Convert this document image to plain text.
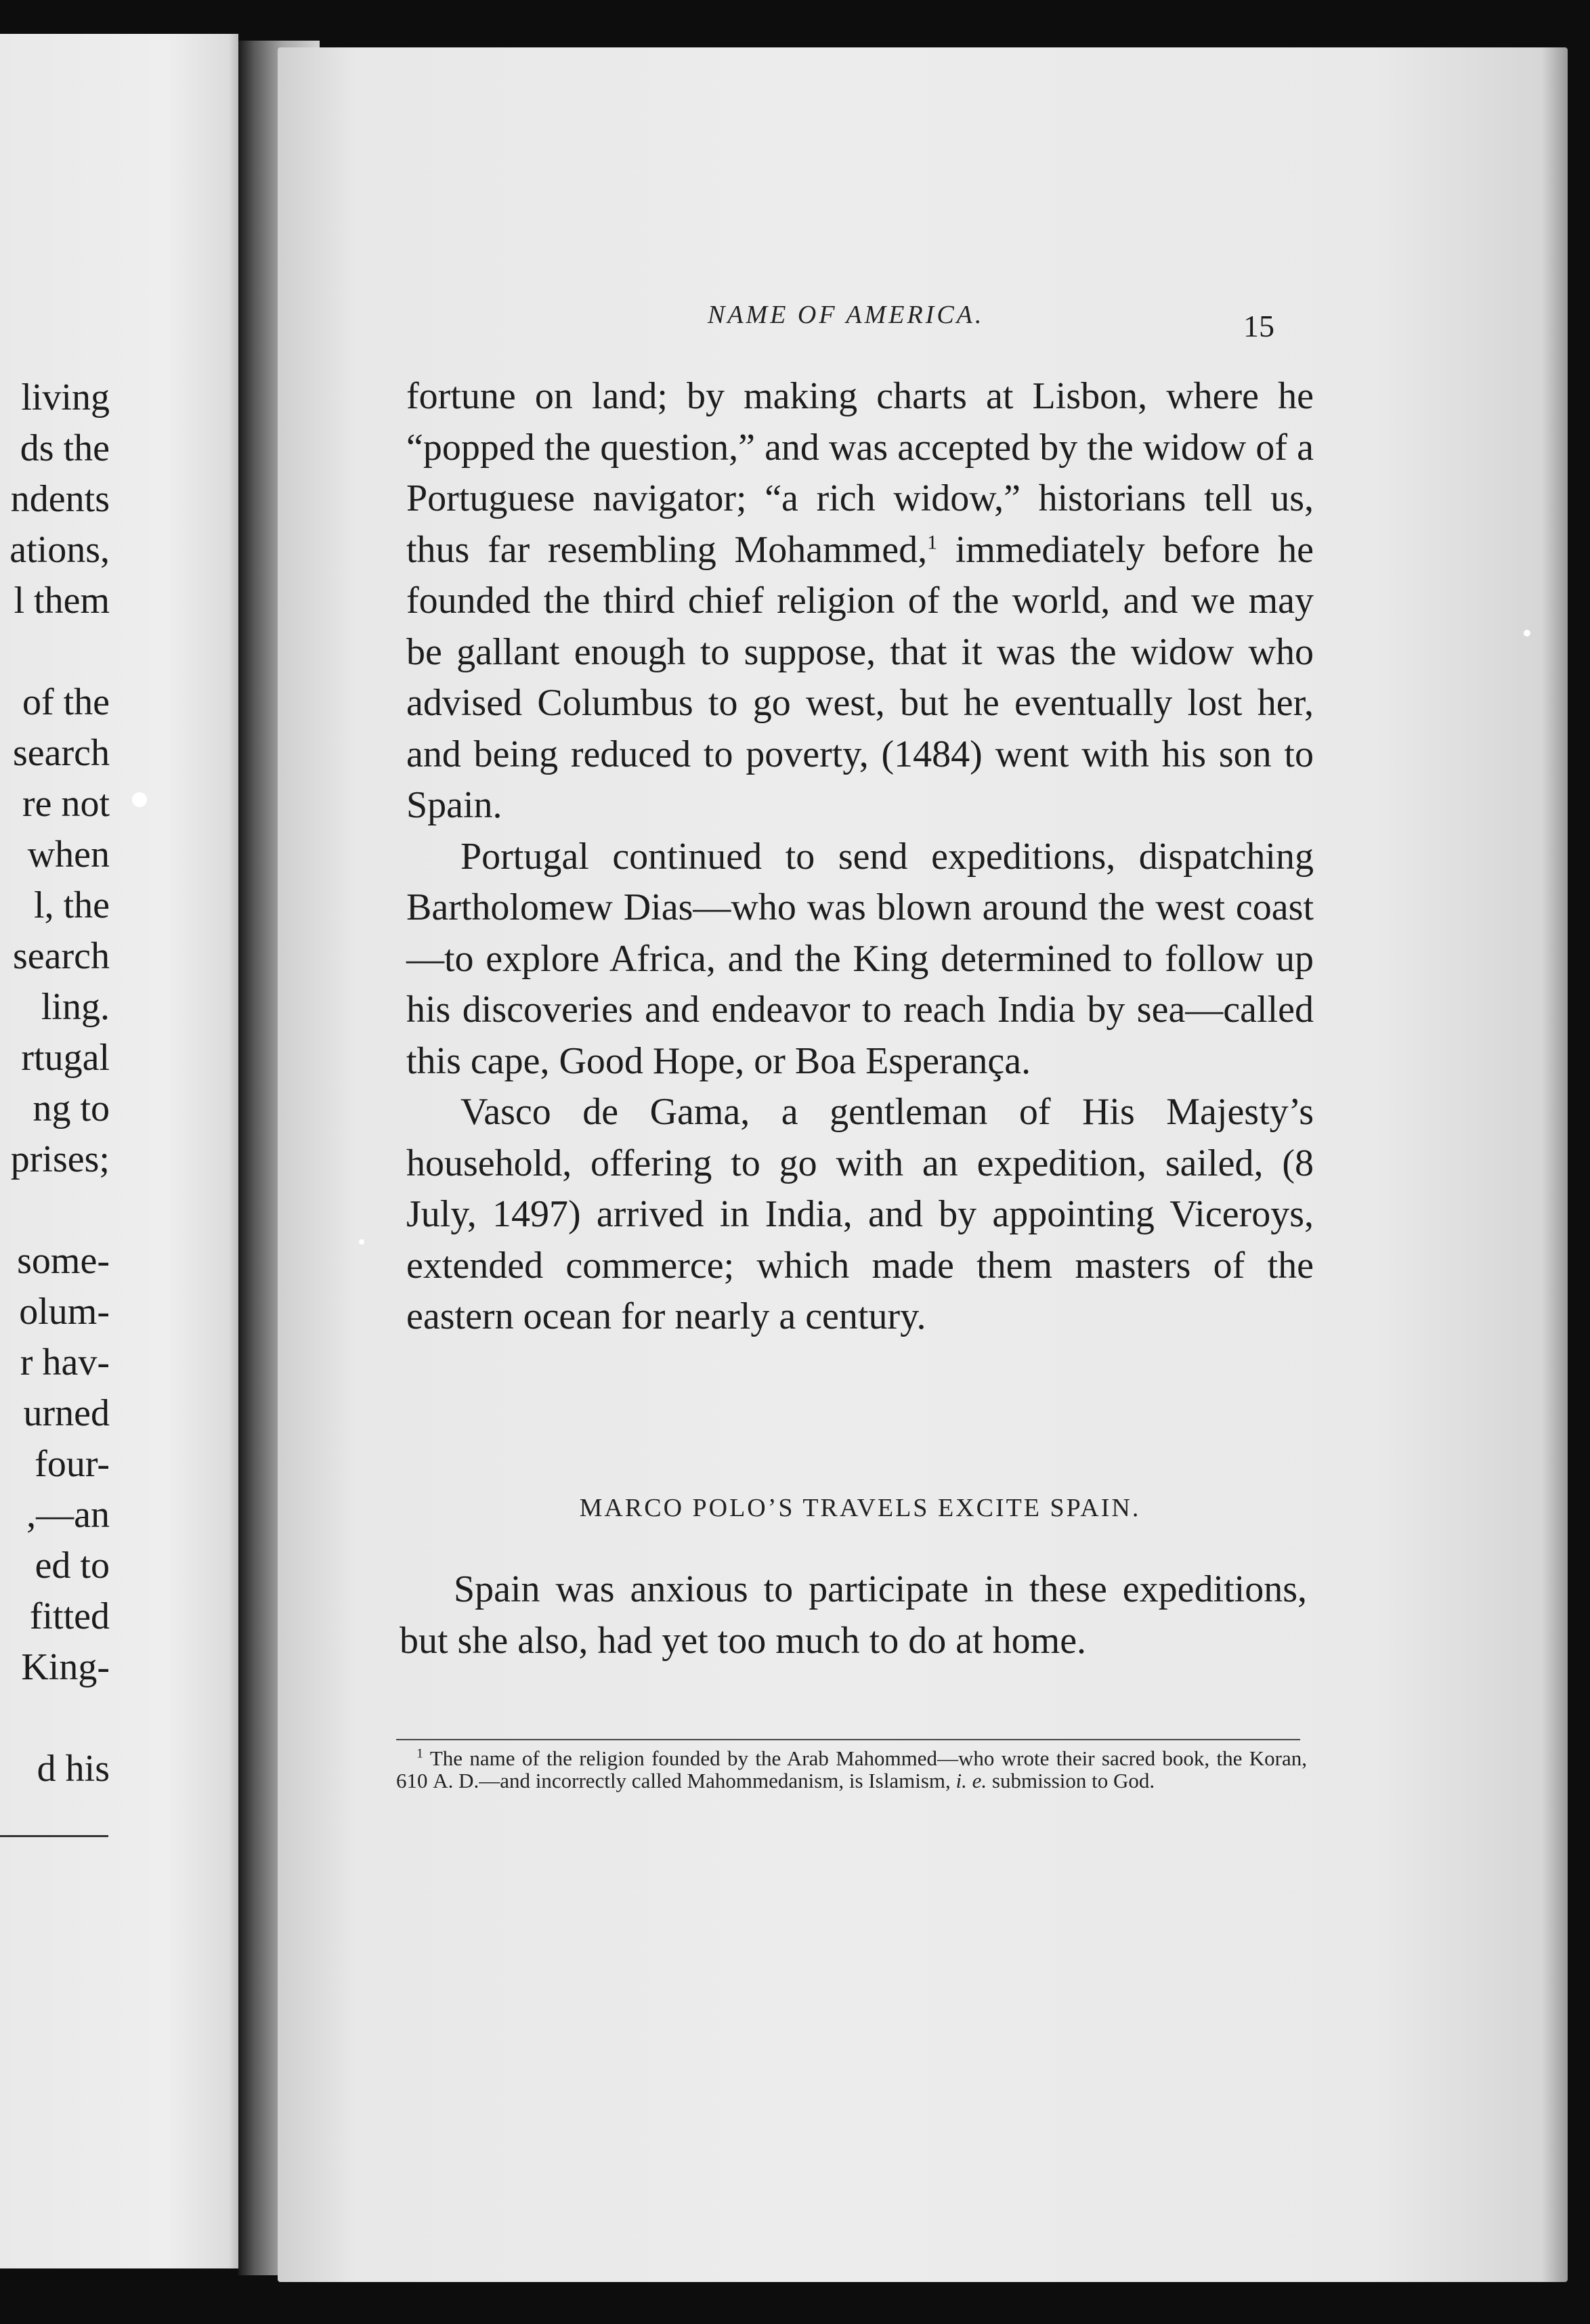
living
ds the
ndents
ations,
l them
of the
search
re not
when
l, the
search
ling.
rtugal
ng to
prises;
some-
olum-
r hav-
urned
four-
,—an
ed to
fitted
King-
d his
NAME OF AMERICA.	15

fortune on land; by making charts at Lisbon, where he “popped the question,” and was accepted by the widow of a Portuguese navigator; “a rich widow,” historians tell us, thus far resembling Mohammed,$^1$ immediately before he founded the third chief religion of the world, and we may be gallant enough to suppose, that it was the widow who advised Columbus to go west, but he eventually lost her, and being reduced to poverty, (1484) went with his son to Spain.

Portugal continued to send expeditions, dispatching Bartholomew Dias—who was blown around the west coast—to explore Africa, and the King determined to follow up his discoveries and endeavor to reach India by sea—called this cape, Good Hope, or Boa Esperança.

Vasco de Gama, a gentleman of His Majesty’s household, offering to go with an expedition, sailed, (8 July, 1497) arrived in India, and by appointing Viceroys, extended commerce; which made them masters of the eastern ocean for nearly a century.

MARCO POLO’S TRAVELS EXCITE SPAIN.

Spain was anxious to participate in these expeditions, but she also, had yet too much to do at home.

$^1$ The name of the religion founded by the Arab Mahommed—who wrote their sacred book, the Koran, 610 A. D.—and incorrectly called Mahommedanism, is Islamism, i. e. submission to God.
